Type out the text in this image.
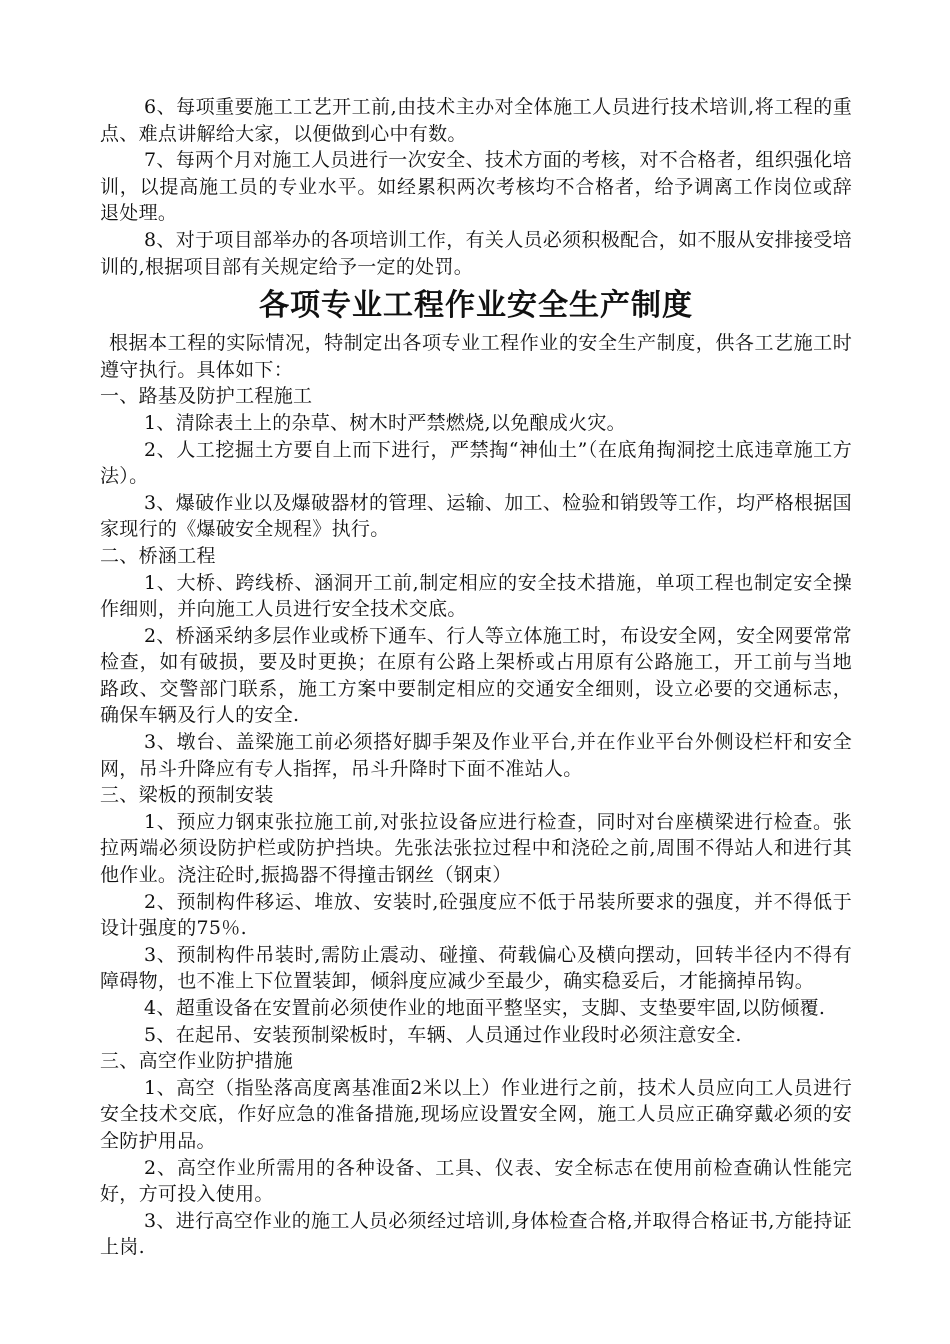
6、每项重要施工工艺开工前,由技术主办对全体施工人员进行技术培训,将工程的重点、难点讲解给大家，以便做到心中有数。

7、每两个月对施工人员进行一次安全、技术方面的考核，对不合格者，组织强化培训，以提高施工员的专业水平。如经累积两次考核均不合格者，给予调离工作岗位或辞退处理。

8、对于项目部举办的各项培训工作，有关人员必须积极配合，如不服从安排接受培训的,根据项目部有关规定给予一定的处罚。

各项专业工程作业安全生产制度

根据本工程的实际情况，特制定出各项专业工程作业的安全生产制度，供各工艺施工时遵守执行。具体如下：

一、路基及防护工程施工

1、清除表土上的杂草、树木时严禁燃烧,以免酿成火灾。

2、人工挖掘土方要自上而下进行，严禁掏“神仙土”（在底角掏洞挖土底违章施工方法）。

3、爆破作业以及爆破器材的管理、运输、加工、检验和销毁等工作，均严格根据国家现行的《爆破安全规程》执行。

二、桥涵工程

1、大桥、跨线桥、涵洞开工前,制定相应的安全技术措施，单项工程也制定安全操作细则，并向施工人员进行安全技术交底。

2、桥涵采纳多层作业或桥下通车、行人等立体施工时，布设安全网，安全网要常常检查，如有破损，要及时更换；在原有公路上架桥或占用原有公路施工，开工前与当地路政、交警部门联系，施工方案中要制定相应的交通安全细则，设立必要的交通标志，确保车辆及行人的安全.

3、墩台、盖梁施工前必须搭好脚手架及作业平台,并在作业平台外侧设栏杆和安全网，吊斗升降应有专人指挥，吊斗升降时下面不准站人。

三、梁板的预制安装

1、预应力钢束张拉施工前,对张拉设备应进行检查，同时对台座横梁进行检查。张拉两端必须设防护栏或防护挡块。先张法张拉过程中和浇砼之前,周围不得站人和进行其他作业。浇注砼时,振捣器不得撞击钢丝（钢束）

2、预制构件移运、堆放、安装时,砼强度应不低于吊装所要求的强度，并不得低于设计强度的75％.

3、预制构件吊装时,需防止震动、碰撞、荷载偏心及横向摆动，回转半径内不得有障碍物，也不准上下位置装卸，倾斜度应减少至最少，确实稳妥后，才能摘掉吊钩。

4、超重设备在安置前必须使作业的地面平整坚实，支脚、支垫要牢固,以防倾覆.

5、在起吊、安装预制梁板时，车辆、人员通过作业段时必须注意安全.

三、高空作业防护措施

1、高空（指坠落高度离基准面2米以上）作业进行之前，技术人员应向工人员进行安全技术交底，作好应急的准备措施,现场应设置安全网，施工人员应正确穿戴必须的安全防护用品。

2、高空作业所需用的各种设备、工具、仪表、安全标志在使用前检查确认性能完好，方可投入使用。

3、进行高空作业的施工人员必须经过培训,身体检查合格,并取得合格证书,方能持证上岗.
